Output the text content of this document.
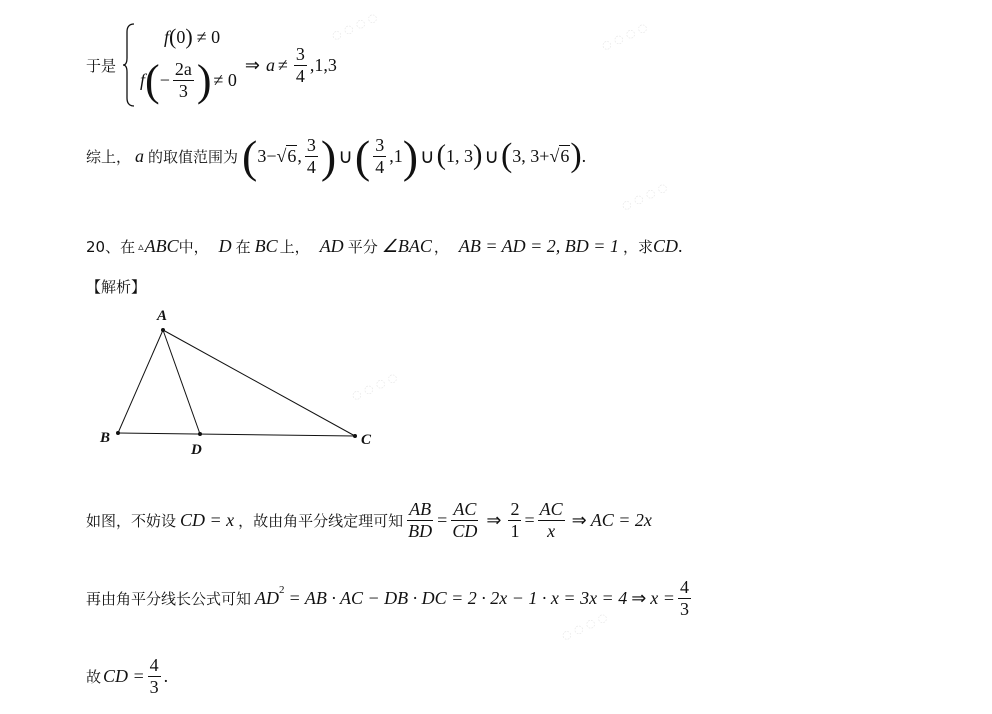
◌ ◌ ◌ ◌	◌ ◌ ◌ ◌
◌ ◌ ◌ ◌
◌ ◌ ◌ ◌
◌ ◌ ◌ ◌
于是
f ( 0 ) ≠ 0
f ( − $\frac{2a}{3}$ ) ≠ 0
⇒ $a \ne \frac{3}{4} ,1,3$
综上， a 的取值范围为 ( 3− √6 , $\frac{3}{4}$ ) ∪ ( $\frac{3}{4} ,1$ ) ∪ ( 1, 3 ) ∪ ( 3, 3+ √6 ) .
20、在 ▵ ABC 中， D 在 BC 上， AD 平分 ∠BAC ， AB = AD = 2, BD = 1 ，求 CD .
【解析】
A
B
D
C
如图，不妨设 CD = x ，故由角平分线定理可知 $\frac{AB}{BD} = \frac{AC}{CD}$ ⇒ $\frac{2}{1} = \frac{AC}{x}$ ⇒ AC = 2x
再由角平分线长公式可知 $AD^2$ = AB · AC − DB · DC = 2 · 2x − 1 · x = 3x = 4 ⇒ $x = \frac{4}{3}$
故 CD = $\frac{4}{3}$ .
